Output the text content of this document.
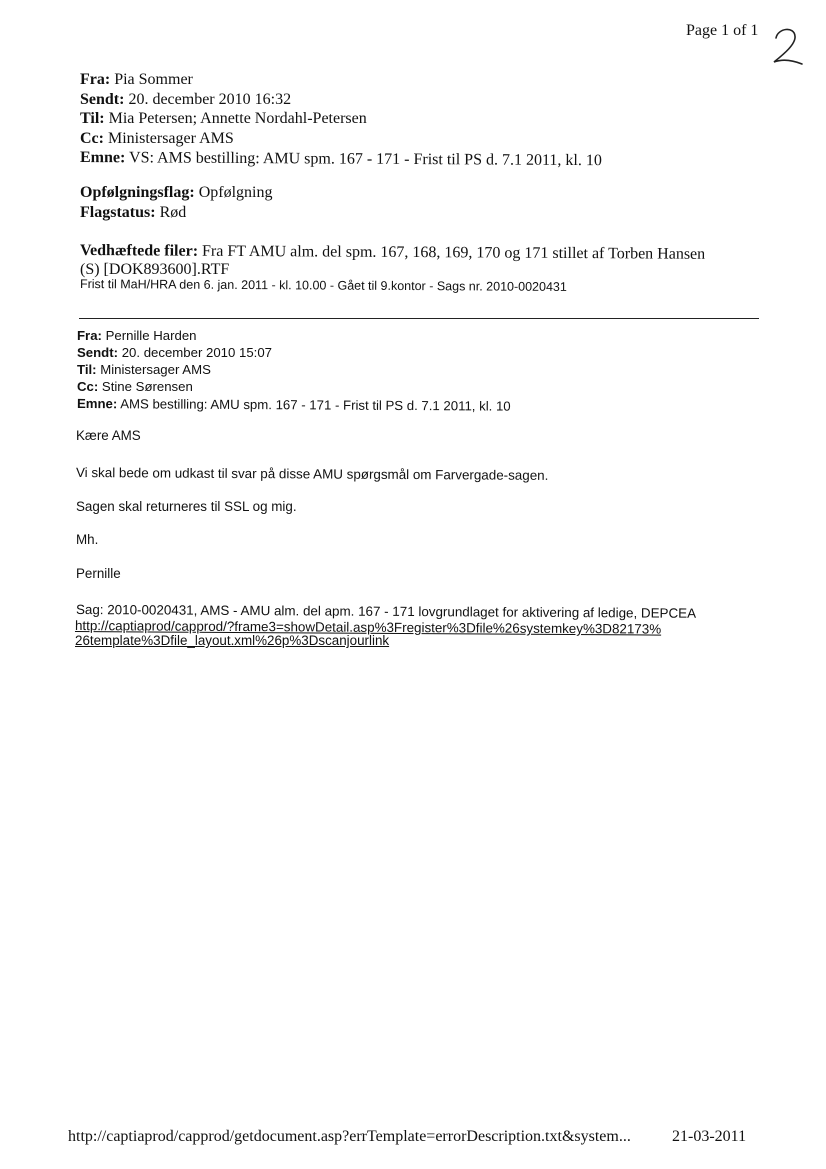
Page 1 of 1
Fra: Pia Sommer
Sendt: 20. december 2010 16:32
Til: Mia Petersen; Annette Nordahl-Petersen
Cc: Ministersager AMS
Emne: VS: AMS bestilling: AMU spm. 167 - 171 - Frist til PS d. 7.1 2011, kl. 10
Opfølgningsflag: Opfølgning
Flagstatus: Rød
Vedhæftede filer: Fra FT AMU alm. del spm. 167, 168, 169, 170 og 171 stillet af Torben Hansen
(S) [DOK893600].RTF
Frist til MaH/HRA den 6. jan. 2011 - kl. 10.00 - Gået til 9.kontor - Sags nr. 2010-0020431
Fra: Pernille Harden
Sendt: 20. december 2010 15:07
Til: Ministersager AMS
Cc: Stine Sørensen
Emne: AMS bestilling: AMU spm. 167 - 171 - Frist til PS d. 7.1 2011, kl. 10
Kære AMS
Vi skal bede om udkast til svar på disse AMU spørgsmål om Farvergade-sagen.
Sagen skal returneres til SSL og mig.
Mh.
Pernille
Sag: 2010-0020431, AMS - AMU alm. del apm. 167 - 171 lovgrundlaget for aktivering af ledige, DEPCEA
http://captiaprod/capprod/?frame3=showDetail.asp%3Fregister%3Dfile%26systemkey%3D82173%
26template%3Dfile_layout.xml%26p%3Dscanjourlink
http://captiaprod/capprod/getdocument.asp?errTemplate=errorDescription.txt&system...	21-03-2011
